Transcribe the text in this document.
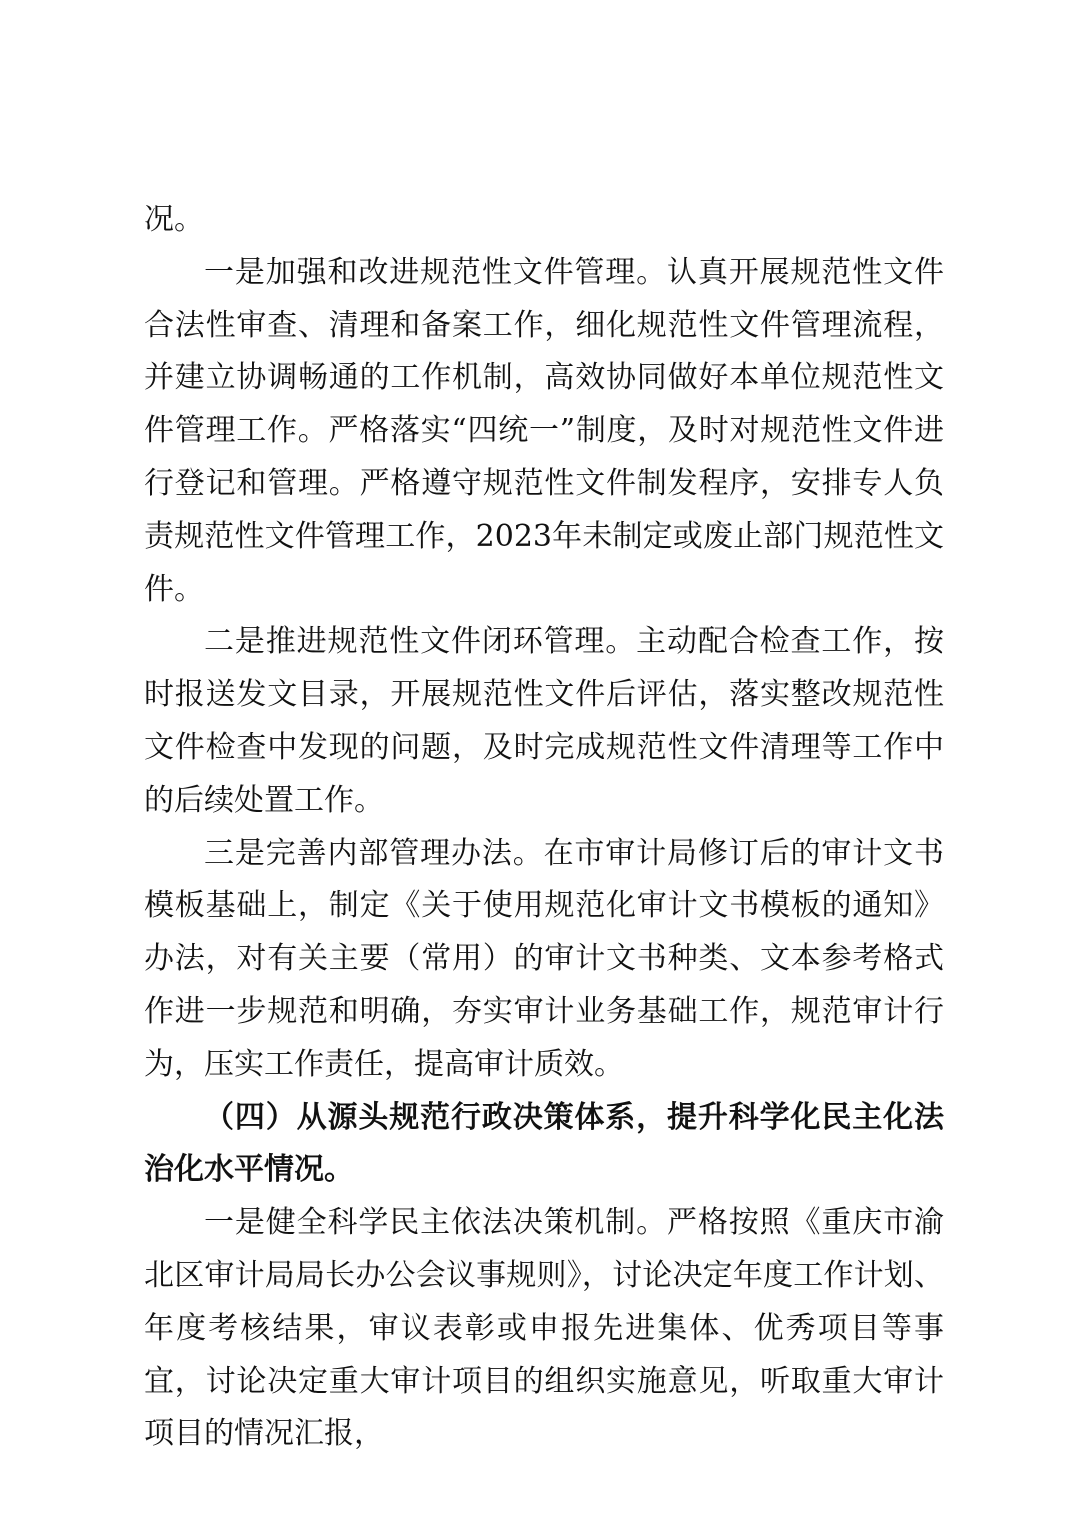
况。

一是加强和改进规范性文件管理。认真开展规范性文件合法性审查、清理和备案工作，细化规范性文件管理流程，并建立协调畅通的工作机制，高效协同做好本单位规范性文件管理工作。严格落实“四统一”制度，及时对规范性文件进行登记和管理。严格遵守规范性文件制发程序，安排专人负责规范性文件管理工作，2023年未制定或废止部门规范性文件。

二是推进规范性文件闭环管理。主动配合检查工作，按时报送发文目录，开展规范性文件后评估，落实整改规范性文件检查中发现的问题，及时完成规范性文件清理等工作中的后续处置工作。

三是完善内部管理办法。在市审计局修订后的审计文书模板基础上，制定《关于使用规范化审计文书模板的通知》办法，对有关主要（常用）的审计文书种类、文本参考格式作进一步规范和明确，夯实审计业务基础工作，规范审计行为，压实工作责任，提高审计质效。

（四）从源头规范行政决策体系，提升科学化民主化法治化水平情况。

一是健全科学民主依法决策机制。严格按照《重庆市渝北区审计局局长办公会议事规则》，讨论决定年度工作计划、年度考核结果，审议表彰或申报先进集体、优秀项目等事宜，讨论决定重大审计项目的组织实施意见，听取重大审计项目的情况汇报，
